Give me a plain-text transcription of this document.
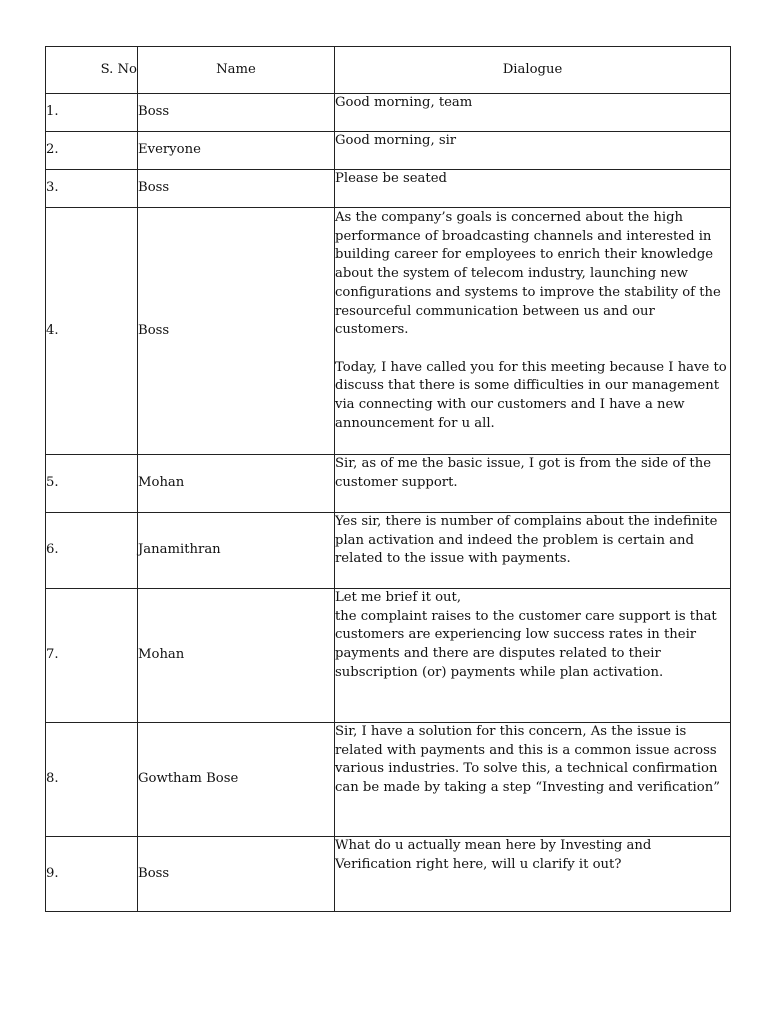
S. No	Name	Dialogue
1.	Boss	Good morning, team
2.	Everyone	Good morning, sir
3.	Boss	Please be seated
4.	Boss	As the company’s goals is concerned about the high performance of broadcasting channels and interested in building career for employees to enrich their knowledge about the system of telecom industry, launching new configurations and systems to improve the stability of the resourceful communication between us and our customers.

Today, I have called you for this meeting because I have to discuss that there is some difficulties in our management via connecting with our customers and I have a new announcement for u all.
5.	Mohan	Sir, as of me the basic issue, I got is from the side of the customer support.
6.	Janamithran	Yes sir, there is number of complains about the indefinite plan activation and indeed the problem is certain and related to the issue with payments.
7.	Mohan	Let me brief it out,
the complaint raises to the customer care support is that customers are experiencing low success rates in their payments and there are disputes related to their subscription (or) payments while plan activation.
8.	Gowtham Bose	Sir, I have a solution for this concern, As the issue is related with payments and this is a common issue across various industries. To solve this, a technical confirmation can be made by taking a step “Investing and verification”
9.	Boss	What do u actually mean here by Investing and Verification right here, will u clarify it out?
